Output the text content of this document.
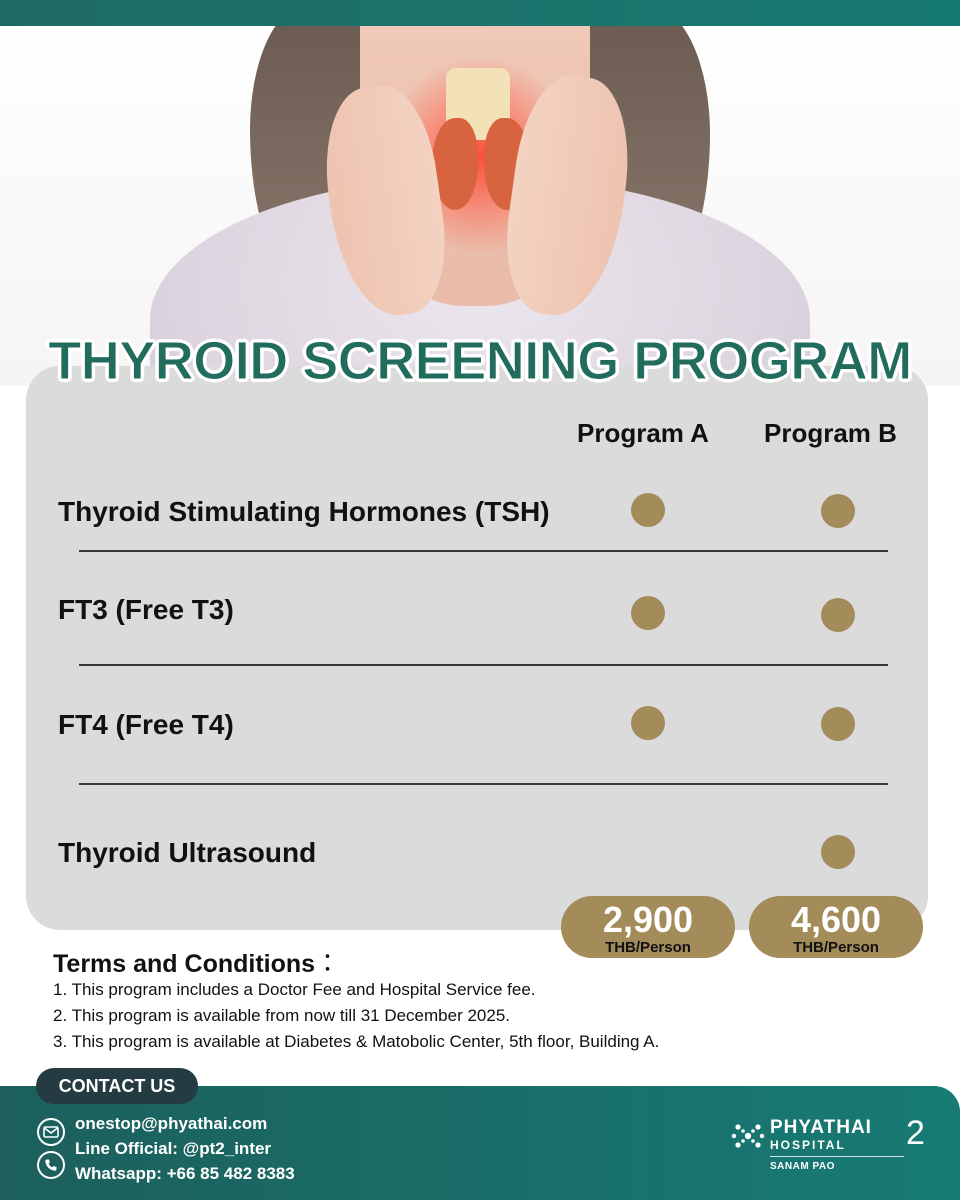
THYROID SCREENING PROGRAM
Program A Program B
Thyroid Stimulating Hormones (TSH)
FT3 (Free T3)
FT4 (Free T4)
Thyroid Ultrasound
2,900
THB/Person
4,600
THB/Person
Terms and Conditions︰
1. This program includes a Doctor Fee and Hospital Service fee.
2. This program is available from now till 31 December 2025.
3. This program is available at Diabetes & Matobolic Center, 5th floor, Building A.
CONTACT US
onestop@phyathai.com
Line Official: @pt2_inter
Whatsapp: +66 85 482 8383
PHYATHAI
HOSPITAL 2
SANAM PAO
